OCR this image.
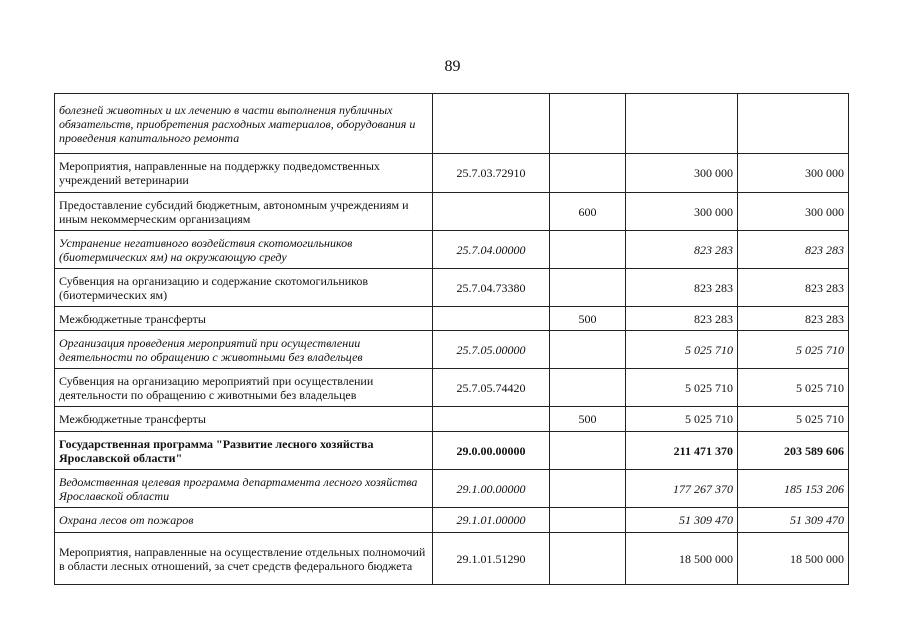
89
болезней животных и их лечению в части выполнения публичных обязательств, приобретения расходных материалов, оборудования и проведения капитального ремонта				
Мероприятия, направленные на поддержку подведомственных учреждений ветеринарии	25.7.03.72910		300 000	300 000
Предоставление субсидий бюджетным, автономным учреждениям и иным некоммерческим организациям		600	300 000	300 000
Устранение негативного воздействия скотомогильников (биотермических ям) на окружающую среду	25.7.04.00000		823 283	823 283
Субвенция на организацию и содержание скотомогильников (биотермических ям)	25.7.04.73380		823 283	823 283
Межбюджетные трансферты		500	823 283	823 283
Организация проведения мероприятий при осуществлении деятельности по обращению с животными без владельцев	25.7.05.00000		5 025 710	5 025 710
Субвенция на организацию мероприятий при осуществлении деятельности по обращению с животными без владельцев	25.7.05.74420		5 025 710	5 025 710
Межбюджетные трансферты		500	5 025 710	5 025 710
Государственная программа "Развитие лесного хозяйства Ярославской области"	29.0.00.00000		211 471 370	203 589 606
Ведомственная целевая программа департамента лесного хозяйства Ярославской области	29.1.00.00000		177 267 370	185 153 206
Охрана лесов от пожаров	29.1.01.00000		51 309 470	51 309 470
Мероприятия, направленные на осуществление отдельных полномочий в области лесных отношений, за счет средств федерального бюджета	29.1.01.51290		18 500 000	18 500 000
